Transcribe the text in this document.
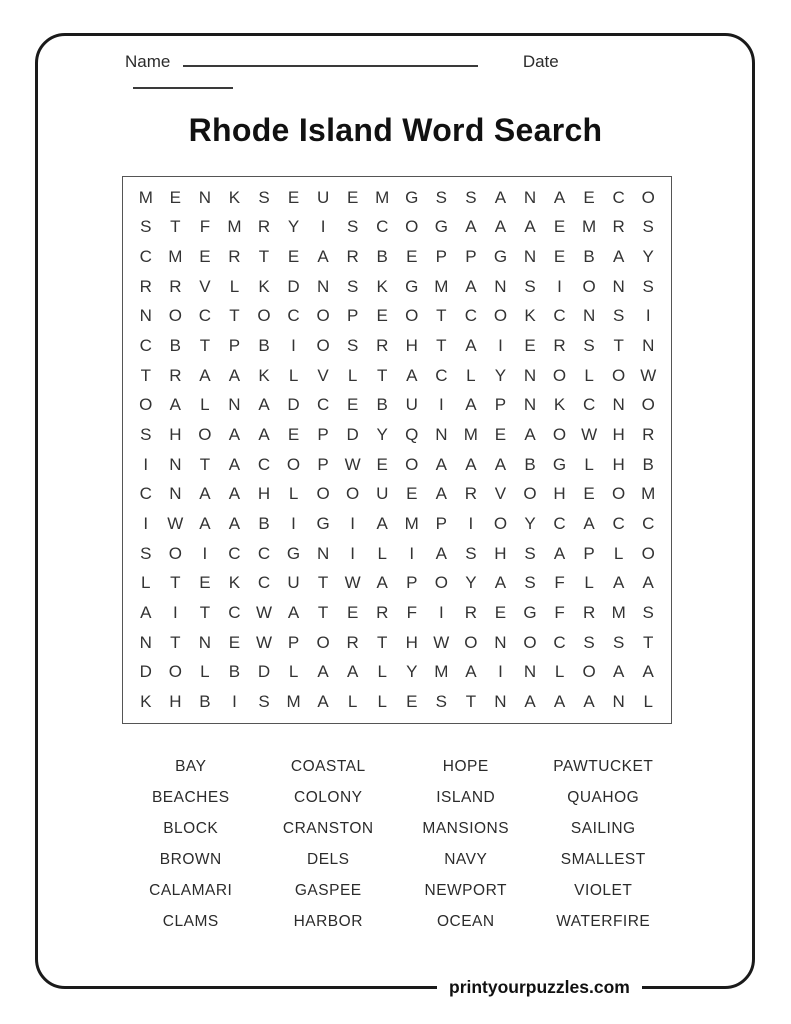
Name	Date
Rhode Island Word Search
M E	N	K	S	E	U	E M G	S	S	A	N	A	E	C O
S	T	F	M R	Y	I	S	C O G	A	A	A	E M R	S
C M E	R	T	E	A	R	B	E	P	P	G N	E	B	A	Y
R	R	V	L	K	D	N	S	K	G M A	N	S	I	O N	S
N O C	T	O C O	P	E	O	T	C O	K	C	N	S	I
C	B	T	P	B	I	O	S	R	H	T	A	I	E	R	S	T	N
T	R	A	A	K	L	V	L	T	A	C	L	Y	N O	L	O W
O	A	L	N	A	D	C	E	B	U	I	A	P	N	K	C	N O
S	H O	A	A	E	P	D	Y	Q N M E	A	O W H	R
I	N	T	A	C O	P W E	O	A	A	A	B	G	L	H	B
C	N	A	A	H	L	O O U	E	A	R	V	O H	E	O M
I	W A	A	B	I	G	I	A M P	I	O	Y	C	A	C	C
S	O	I	C	C G N	I	L	I	A	S	H	S	A	P	L	O
L	T	E	K	C	U	T W A	P	O	Y	A	S	F	L	A	A
A	I	T	C W A	T	E	R	F	I	R	E	G	F	R M S
N	T	N	E W P	O R	T	H W O N O C	S	S	T
D O	L	B	D	L	A	A	L	Y M A	I	N	L	O	A	A
K	H	B	I	S M A	L	L	E	S	T	N	A	A	A	N	L
BAY	COASTAL	HOPE	PAWTUCKET
BEACHES	COLONY	ISLAND	QUAHOG
BLOCK	CRANSTON	MANSIONS	SAILING
BROWN	DELS	NAVY	SMALLEST
CALAMARI	GASPEE	NEWPORT	VIOLET
CLAMS	HARBOR	OCEAN	WATERFIRE
printyourpuzzles.com
